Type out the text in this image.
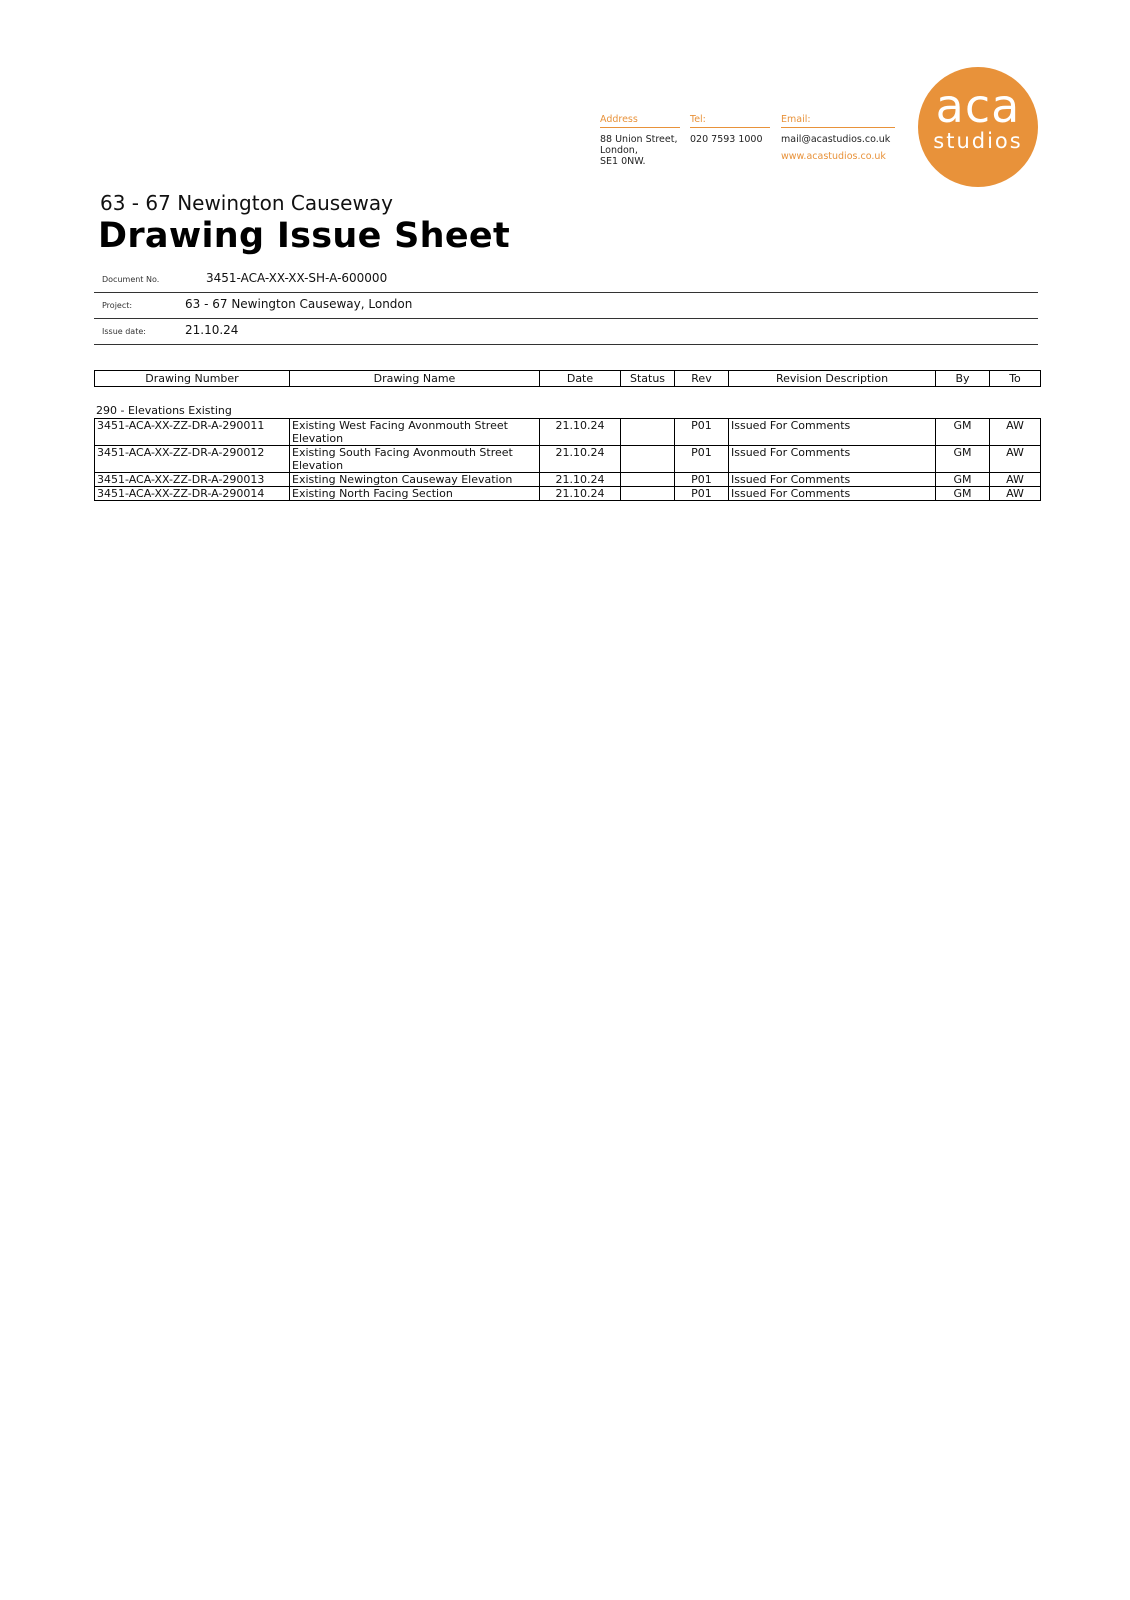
Address
88 Union Street,
London,
SE1 0NW.
Tel:
020 7593 1000
Email:
mail@acastudios.co.uk
www.acastudios.co.uk
aca
studios
63 - 67 Newington Causeway
Drawing Issue Sheet
Document No.	3451-ACA-XX-XX-SH-A-600000
Project:	63 - 67 Newington Causeway, London
Issue date:	21.10.24
Drawing Number	Drawing Name	Date	Status	Rev	Revision Description	By	To
290 - Elevations Existing
3451-ACA-XX-ZZ-DR-A-290011	Existing West Facing Avonmouth Street Elevation	21.10.24		P01	Issued For Comments	GM	AW
3451-ACA-XX-ZZ-DR-A-290012	Existing South Facing Avonmouth Street Elevation	21.10.24		P01	Issued For Comments	GM	AW
3451-ACA-XX-ZZ-DR-A-290013	Existing Newington Causeway Elevation	21.10.24		P01	Issued For Comments	GM	AW
3451-ACA-XX-ZZ-DR-A-290014	Existing North Facing Section	21.10.24		P01	Issued For Comments	GM	AW
